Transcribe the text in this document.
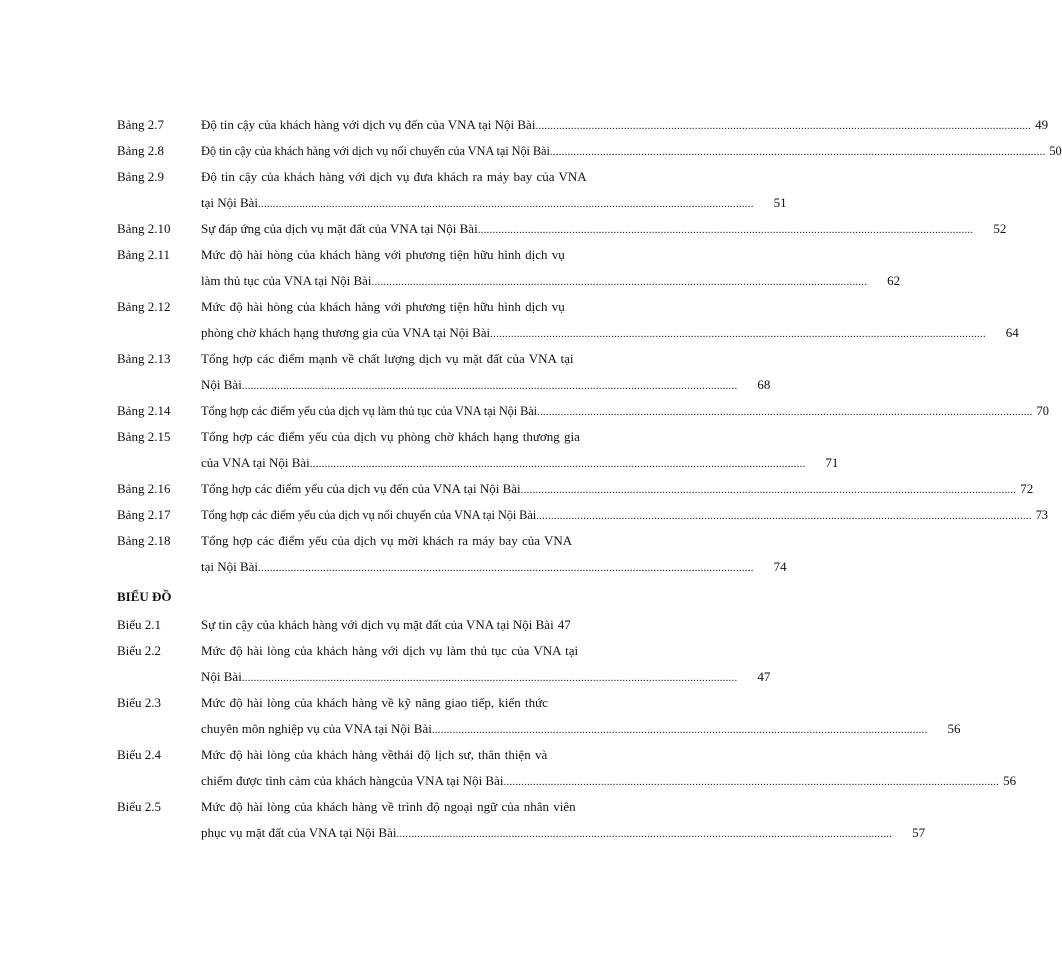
Bảng 2.7	Độ tin cậy của khách hàng với dịch vụ đến của VNA tại Nội Bài .....	49
Bảng 2.8	Độ tin cậy của khách hàng với dịch vụ nối chuyến của VNA tại Nội Bài .....	50
Bảng 2.9	Độ tin cậy của khách hàng với dịch vụ đưa khách ra máy bay của VNA
tại Nội Bài .....	51
Bảng 2.10	Sự đáp ứng của dịch vụ mặt đất của VNA tại Nội Bài .....	52
Bảng 2.11	Mức độ hài hòng của khách hàng với phương tiện hữu hình dịch vụ
làm thủ tục của VNA tại Nội Bài .....	62
Bảng 2.12	Mức độ hài hòng của khách hàng với phương tiện hữu hình dịch vụ
phòng chờ khách hạng thương gia của VNA tại Nội Bài .....	64
Bảng 2.13	Tổng hợp các điểm mạnh về chất lượng dịch vụ mặt đất của VNA tại
Nội Bài .....	68
Bảng 2.14	Tổng hợp các điểm yếu của dịch vụ làm thủ tục của VNA tại Nội Bài .....	70
Bảng 2.15	Tổng hợp các điểm yếu của dịch vụ phòng chờ khách hạng thương gia
của VNA tại Nội Bài .....	71
Bảng 2.16	Tổng hợp các điểm yếu của dịch vụ đến của VNA tại Nội Bài .....	72
Bảng 2.17	Tổng hợp các điểm yếu của dịch vụ nối chuyến của VNA tại Nội Bài .....	73
Bảng 2.18	Tổng hợp các điểm yếu của dịch vụ mời khách ra máy bay của VNA
tại Nội Bài .....	74
BIỂU ĐỒ
Biểu 2.1	Sự tin cậy của khách hàng với dịch vụ mặt đất của VNA tại Nội Bài 47
Biểu 2.2	Mức độ hài lòng của khách hàng với dịch vụ làm thủ tục của VNA tại
Nội Bài .....	47
Biểu 2.3	Mức độ hài lòng của khách hàng về kỹ năng giao tiếp, kiến thức
chuyên môn nghiệp vụ của VNA tại Nội Bài .....	56
Biểu 2.4	Mức độ hài lòng của khách hàng vềthái độ lịch sư, thân thiện và
chiếm được tình cảm của khách hàngcủa VNA tại Nội Bài .....	56
Biểu 2.5	Mức độ hài lòng của khách hàng về trình độ ngoại ngữ của nhân viên
phục vụ mặt đất của VNA tại Nội Bài .....	57
